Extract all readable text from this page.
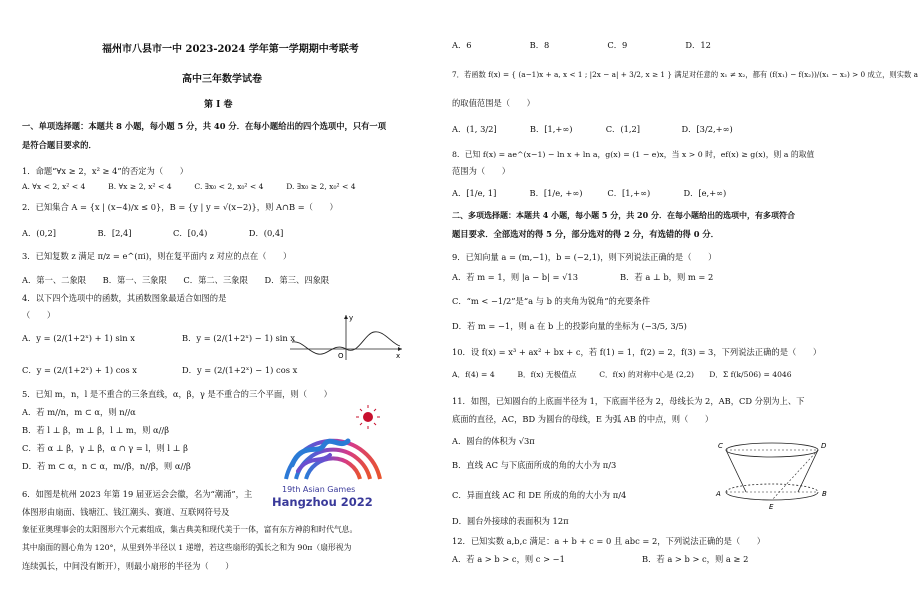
福州市八县市一中 2023-2024 学年第一学期期中考联考
高中三年数学试卷
第 I 卷
一、单项选择题：本题共 8 小题，每小题 5 分，共 40 分．在每小题给出的四个选项中，只有一项
是符合题目要求的．
1．命题“∀x ≥ 2，x² ≥ 4”的否定为（　　）
A. ∀x < 2, x² < 4　　　B. ∀x ≥ 2, x² < 4　　　C. ∃x₀ < 2, x₀² < 4　　　D. ∃x₀ ≥ 2, x₀² < 4
2．已知集合 A = {x | (x−4)/x ≤ 0}，B = {y | y = √(x−2)}，则 A∩B =（　　）
A．(0,2]　　　　　B．[2,4]　　　　　C．[0,4)　　　　　D．(0,4]
3．已知复数 z 满足 π/z = e^(πi)，则在复平面内 z 对应的点在（　　）
A．第一、二象限　　B．第一、三象限　　C．第二、三象限　　D．第三、四象限
4．以下四个选项中的函数，其函数图象最适合如图的是
（　　）
A．y = (2/(1+2ˣ) + 1) sin x	B．y = (2/(1+2ˣ) − 1) sin x
C．y = (2/(1+2ˣ) + 1) cos x	D．y = (2/(1+2ˣ) − 1) cos x
O	x
y
5．已知 m，n，l 是不重合的三条直线，α，β，γ 是不重合的三个平面，则（　　）
A．若 m//n，m ⊂ α，则 n//α
B．若 l ⊥ β，m ⊥ β，l ⊥ m，则 α//β
C．若 α ⊥ β，γ ⊥ β，α ∩ γ = l，则 l ⊥ β
D．若 m ⊂ α，n ⊂ α，m//β，n//β，则 α//β
19th Asian Games
Hangzhou 2022
6．如图是杭州 2023 年第 19 届亚运会会徽，名为“潮涌”，主
体图形由扇面、钱塘江、钱江潮头、赛道、互联网符号及
象征亚奥理事会的太阳图形六个元素组成，集古典美和现代美于一体，富有东方神韵和时代气息。
其中扇面的圆心角为 120°，从里到外半径以 1 递增，若这些扇形的弧长之和为 90π（扇形视为
连续弧长，中间没有断开），则最小扇形的半径为（　　）
A．6　　　　　　　B．8　　　　　　　C．9　　　　　　　D．12
7．若函数 f(x) = { (a−1)x + a, x < 1 ; |2x − a| + 3/2, x ≥ 1 } 满足对任意的 x₁ ≠ x₂，都有 (f(x₁) − f(x₂))/(x₁ − x₂) > 0 成立，则实数 a
的取值范围是（　　）
A．(1, 3/2]　　　　B．[1,+∞)　　　　C．(1,2]　　　　　D．[3/2,+∞)
8．已知 f(x) = ae^(x−1) − ln x + ln a，g(x) = (1 − e)x，当 x > 0 时，ef(x) ≥ g(x)，则 a 的取值
范围为（　　）
A．[1/e, 1]　　　　B．[1/e, +∞)　　　C．[1,+∞)　　　　D．[e,+∞)
二、多项选择题：本题共 4 小题，每小题 5 分，共 20 分．在每小题给出的选项中，有多项符合
题目要求．全部选对的得 5 分，部分选对的得 2 分，有选错的得 0 分．
9．已知向量 a = (m,−1)，b = (−2,1)，则下列说法正确的是（　　）
A．若 m = 1，则 |a − b| = √13	B．若 a ⊥ b，则 m = 2
C．“m < −1/2”是“a 与 b 的夹角为锐角”的充要条件
D．若 m = −1，则 a 在 b 上的投影向量的坐标为 (−3/5, 3/5)
10．设 f(x) = x³ + ax² + bx + c，若 f(1) = 1，f(2) = 2，f(3) = 3，下列说法正确的是（　　）
A．f(4) = 4　　　B．f(x) 无极值点　　　C．f(x) 的对称中心是 (2,2)　　D．Σ f(k/506) = 4046
11．如图，已知圆台的上底面半径为 1，下底面半径为 2，母线长为 2，AB，CD 分别为上、下
底面的直径，AC，BD 为圆台的母线，E 为弧 AB 的中点，则（　　）
A．圆台的体积为 √3π
B．直线 AC 与下底面所成的角的大小为 π/3
C．异面直线 AC 和 DE 所成的角的大小为 π/4
D．圆台外接球的表面积为 12π
C	D
A	B
E
12．已知实数 a,b,c 满足：a + b + c = 0 且 abc = 2，下列说法正确的是（　　）
A．若 a > b > c，则 c > −1	B．若 a > b > c，则 a ≥ 2
